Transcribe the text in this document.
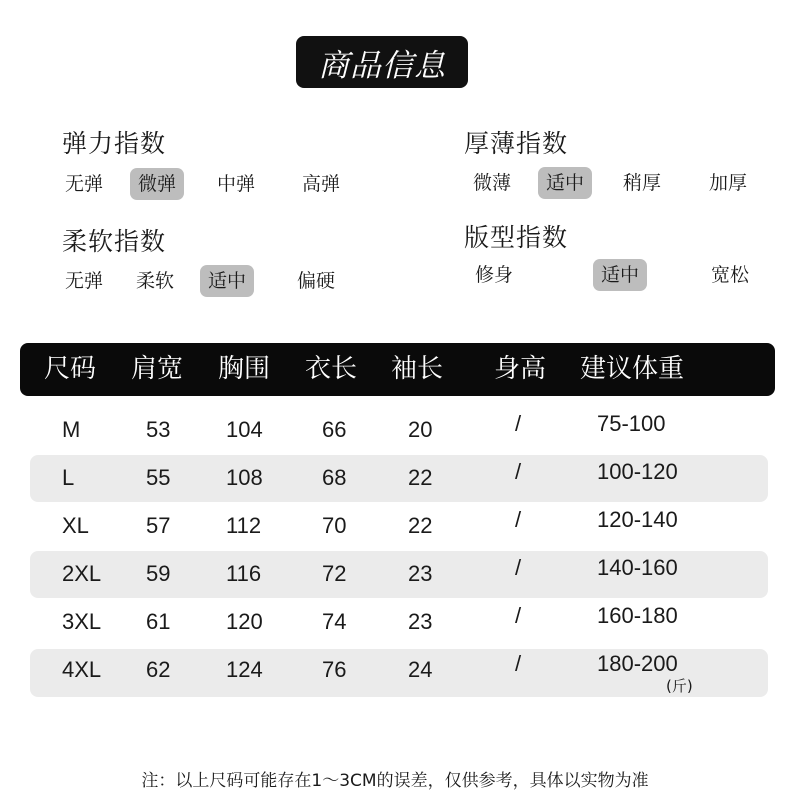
商品信息
弹力指数
无弹	微弹	中弹	高弹
厚薄指数
微薄	适中	稍厚	加厚
柔软指数
无弹	柔软	适中	偏硬
版型指数
修身	适中	宽松
尺码 肩宽 胸围 衣长 袖长 身高 建议体重
M	53	104	66	20	/	75-100
L	55	108	68	22	/	100-120
XL	57	112	70	22	/	120-140
2XL 59	116	72	23	/	140-160
3XL 61	120	74	23	/	160-180
4XL 62	124	76	24	/	180-200
(斤)
注：以上尺码可能存在1～3CM的误差，仅供参考，具体以实物为准
